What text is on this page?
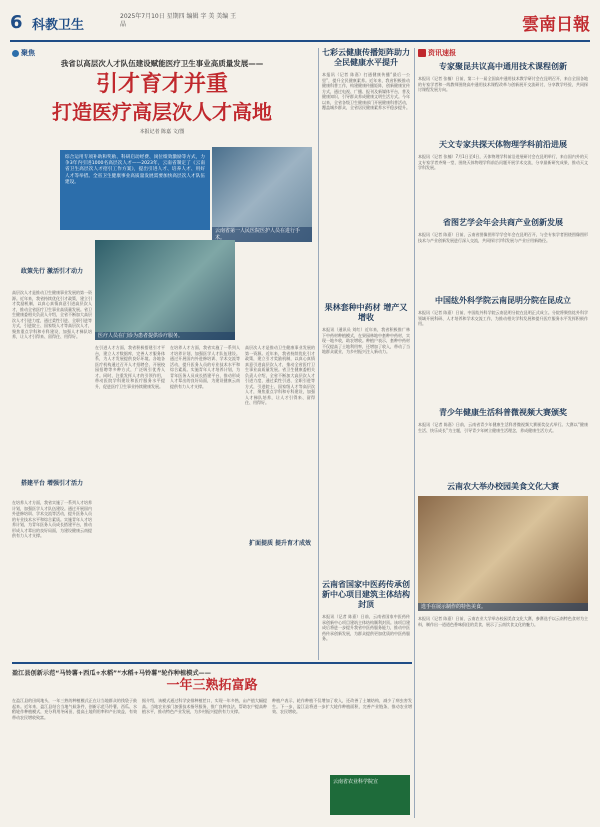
6 科教卫生
2025年7月10日 星期四 编辑 字 美 美编 王 晶	雲南日報
聚焦
我省以高层次人才队伍建设赋能医疗卫生事业高质量发展——
引才育才并重
打造医疗高层次人才高地
本报记者 陈嘉 文/图

综合运用专项补助和奖励、科研启动经费、岗位绩效激励等方式，力争3年内引进1000名高层次人才——2023年，云南省制定了《云南省卫生高层次人才招引工作方案》，提出引进人才、培养人才、用好人才等举措。全省卫生健康事业高质量发展需要加快高层次人才队伍建设。

云南省第一人民医院医护人员在进行手术。
医疗人员在门诊为患者提供诊疗服务。
政策先行 激活引才动力

高层次人才是推动卫生健康事业发展的第一资源。近年来，我省持续优化引才政策，建立引才奖励机制，以真心真情真意引进高层次人才，推动全省医疗卫生事业高质量发展。省卫生健康委相关负责人介绍，全省不断加大高层次人才引进力度，通过柔性引进、全职引进等方式，引进院士、国家级人才等高层次人才，聚焦重点学科和专科建设，加强人才梯队培养，让人才引得来、留得住、用得好。

在引进人才方面，我省积极搭建引才平台，建立人才数据库，完善人才服务体系，为人才发展提供良好环境。各地各医疗机构通过召开人才招聘会、开展校园招聘等多种方式，广泛吸引优秀人才。同时，注重发挥人才的引领作用，带动医院学科建设和医疗服务水平提升，促进医疗卫生事业持续健康发展。

在培养人才方面，我省实施了一系列人才培养计划，加强医学人才队伍建设。通过开展国内外进修培训、学术交流等活动，提升医务人员的专业技术水平和综合素质。实施青年人才培养计划，为青年医务人员成长搭建平台，推动形成人才辈出的良好局面，为建设健康云南提供有力人才支撑。

搭建平台 增强引才活力
扩面提质 提升育才成效

高层次人才是推动卫生健康事业发展的第一资源。近年来，我省持续优化引才政策，建立引才奖励机制，以真心真情真意引进高层次人才，推动全省医疗卫生事业高质量发展。省卫生健康委相关负责人介绍，全省不断加大高层次人才引进力度，通过柔性引进、全职引进等方式，引进院士、国家级人才等高层次人才，聚焦重点学科和专科建设，加强人才梯队培养，让人才引得来、留得住、用得好。

在培养人才方面，我省实施了一系列人才培养计划，加强医学人才队伍建设。通过开展国内外进修培训、学术交流等活动，提升医务人员的专业技术水平和综合素质。实施青年人才培养计划，为青年医务人员成长搭建平台，推动形成人才辈出的良好局面，为建设健康云南提供有力人才支撑。

七彩云健康传播矩阵助力全民健康水平提升

本报讯（记者 陈嘉）打通健康传播“最后一公里”，提升全民健康素养。近年来，我省积极推动健康科普工作，构建健康传播矩阵，创新健康宣传方式，通过电视、广播、报刊及新媒体平台，普及健康知识，引导群众养成健康文明生活方式。今年以来，全省各级卫生健康部门开展健康科普活动，覆盖城乡群众，全省居民健康素养水平稳步提升。

果林套种中药材 增产又增收

本报讯（通讯员 刘红）近年来，我省积极推广林下中药材种植模式，在果园林地中套种中药材，实现一地多收，助农增收。种植户表示，套种中药材不仅提高了土地利用率，还增加了收入，带动了当地群众就业，为乡村振兴注入新动力。

云南省国家中医药传承创新中心项目建筑主体结构封顶

本报讯（记者 陈嘉）日前，云南省国家中医药传承创新中心项目建筑主体结构顺利封顶。该项目建成后将进一步提升我省中医药服务能力，推动中医药传承创新发展，为群众提供更加优质的中医药服务。

资讯速报
专家聚昆共议高中通用技术课程创新

本报讯（记者 张楠）日前，第二十一届全国高中通用技术教学研讨会在昆明召开，来自全国各地的专家学者和一线教师围绕高中通用技术课程改革与创新展开交流研讨，分享教学经验，共同探讨课程发展方向。

天文专家共探天体物理学科前沿进展

本报讯（记者 张楠）7月1日至4日，天体物理学科前沿进展研讨会在昆明举行，来自国内外的天文专家学者齐聚一堂，围绕天体物理学科前沿问题开展学术交流，分享最新研究成果，推动天文学科发展。

省图艺学会年会共商产业创新发展

本报讯（记者 陈嘉）日前，云南省图像图形学学会年会在昆明召开，与会专家学者围绕图像图形技术与产业创新发展进行深入交流，共同探讨学科发展与产业应用新路径。

中国纮外科学院云南昆明分院在昆成立

本报讯（记者 陈嘉）日前，中国纮外科学院云南昆明分院在昆明正式成立。分院将聚焦纮外科学领域开展科研、人才培养和学术交流工作，为推动相关学科发展和提升医疗服务水平发挥积极作用。

青少年健康生活科普微视频大赛颁奖

本报讯（记者 陈嘉）日前，云南省青少年健康生活科普微视频大赛颁奖仪式举行。大赛以“健康生活、快乐成长”为主题，引导青少年树立健康生活理念，养成健康生活方式。

云南农大举办校园美食文化大赛
选手在展示制作的特色美食。

本报讯（记者 陈嘉）日前，云南农业大学举办校园美食文化大赛，参赛选手以云南特色食材为主料，制作出一道道色香味俱佳的美食，展示了云南饮食文化的魅力。

盈江县创新示范“马铃薯+西瓜+水稻”“水稻+马铃薯”轮作种植模式——
一年三熟拓富路

在盈江县的田间地头，一年三熟的种植模式正在让当地群众的钱袋子鼓起来。近年来，盈江县结合当地气候条件，创新示范马铃薯、西瓜、水稻轮作种植模式，充分利用冬闲田，提高土地利用率和产出效益，有效带动农民增收致富。

据介绍，该模式通过科学安排种植茬口，实现一年多熟，亩产值大幅提高。当地农业部门加强技术指导服务，推广良种良法，帮助农户提高种植水平，推动特色产业发展，为乡村振兴提供有力支撑。

种植户表示，轮作种植不仅增加了收入，还改善了土壤结构，减少了病虫害发生。下一步，盈江县将进一步扩大轮作种植面积，完善产业链条，推动农业增效、农民增收。

云南省农业科学院宣
